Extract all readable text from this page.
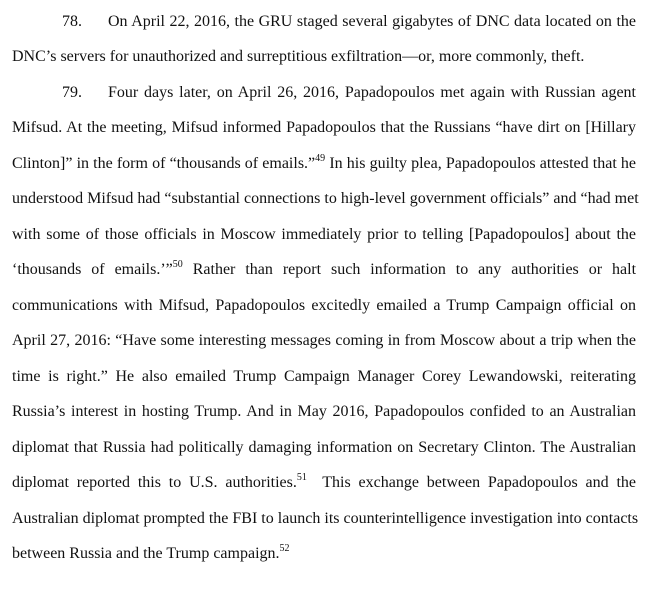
78. On April 22, 2016, the GRU staged several gigabytes of DNC data located on the
DNC’s servers for unauthorized and surreptitious exfiltration—or, more commonly, theft.
79. Four days later, on April 26, 2016, Papadopoulos met again with Russian agent
Mifsud. At the meeting, Mifsud informed Papadopoulos that the Russians “have dirt on [Hillary
Clinton]” in the form of “thousands of emails.”$^{49}$ In his guilty plea, Papadopoulos attested that he
understood Mifsud had “substantial connections to high-level government officials” and “had met
with some of those officials in Moscow immediately prior to telling [Papadopoulos] about the
‘thousands of emails.’”$^{50}$ Rather than report such information to any authorities or halt
communications with Mifsud, Papadopoulos excitedly emailed a Trump Campaign official on
April 27, 2016: “Have some interesting messages coming in from Moscow about a trip when the
time is right.” He also emailed Trump Campaign Manager Corey Lewandowski, reiterating
Russia’s interest in hosting Trump. And in May 2016, Papadopoulos confided to an Australian
diplomat that Russia had politically damaging information on Secretary Clinton. The Australian
diplomat reported this to U.S. authorities.$^{51}$ This exchange between Papadopoulos and the
Australian diplomat prompted the FBI to launch its counterintelligence investigation into contacts
between Russia and the Trump campaign.$^{52}$
